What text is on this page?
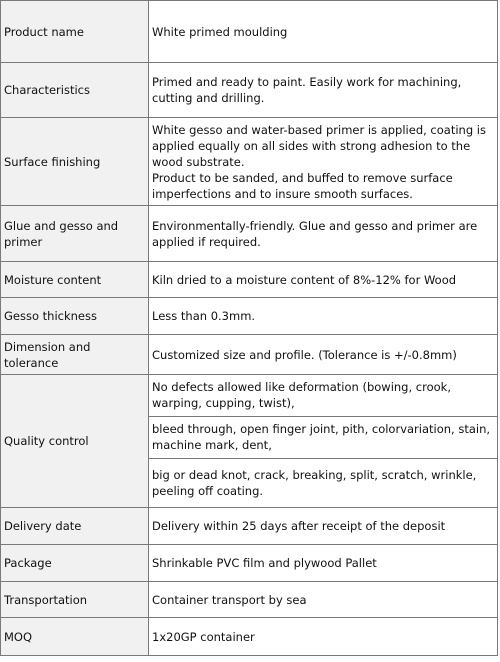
Product name	White primed moulding

Characteristics	Primed and ready to paint. Easily work for machining, cutting and drilling.

Surface finishing	White gesso and water-based primer is applied, coating is applied equally on all sides with strong adhesion to the wood substrate.
Product to be sanded, and buffed to remove surface imperfections and to insure smooth surfaces.

Glue and gesso and primer	Environmentally-friendly. Glue and gesso and primer are applied if required.

Moisture content	Kiln dried to a moisture content of 8%-12% for Wood

Gesso thickness	Less than 0.3mm.

Dimension and tolerance	Customized size and profile. (Tolerance is +/-0.8mm)

Quality control	No defects allowed like deformation (bowing, crook, warping, cupping, twist),

	bleed through, open finger joint, pith, colorvariation, stain, machine mark, dent,

	big or dead knot, crack, breaking, split, scratch, wrinkle, peeling off coating.

Delivery date	Delivery within 25 days after receipt of the deposit

Package	Shrinkable PVC film and plywood Pallet

Transportation	Container transport by sea

MOQ	1x20GP container
